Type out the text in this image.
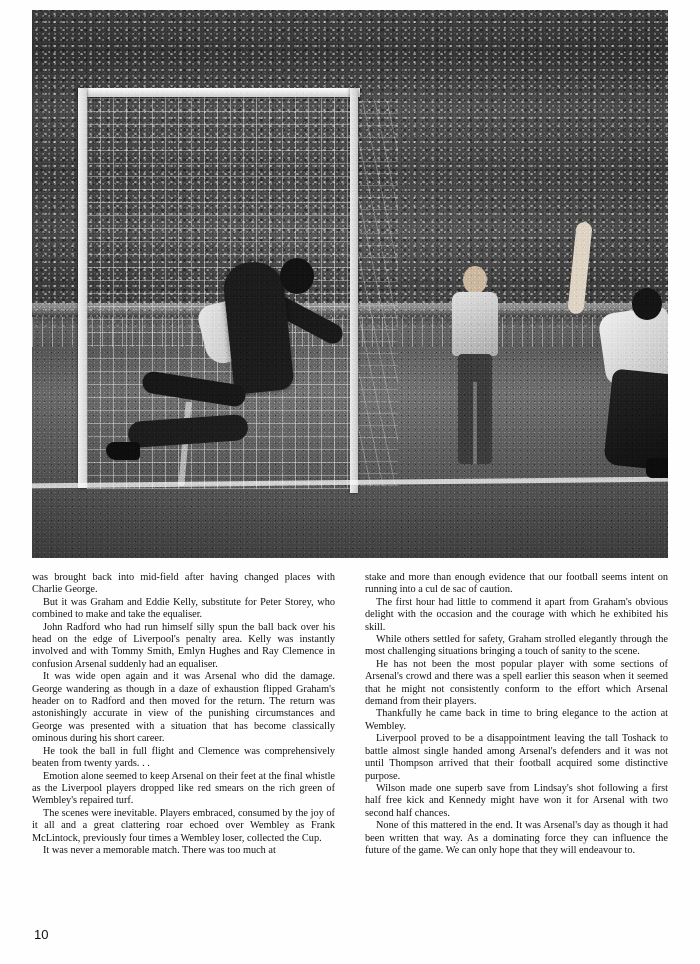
was brought back into mid-field after having changed places with Charlie George.

But it was Graham and Eddie Kelly, substitute for Peter Storey, who combined to make and take the equaliser.

John Radford who had run himself silly spun the ball back over his head on the edge of Liverpool's penalty area. Kelly was instantly involved and with Tommy Smith, Emlyn Hughes and Ray Clemence in confusion Arsenal suddenly had an equaliser.

It was wide open again and it was Arsenal who did the damage. George wandering as though in a daze of exhaustion flipped Graham's header on to Radford and then moved for the return. The return was astonishingly accurate in view of the punishing circumstances and George was presented with a situation that has become classically ominous during his short career.

He took the ball in full flight and Clemence was comprehensively beaten from twenty yards. . .

Emotion alone seemed to keep Arsenal on their feet at the final whistle as the Liverpool players dropped like red smears on the rich green of Wembley's repaired turf.

The scenes were inevitable. Players embraced, consumed by the joy of it all and a great clattering roar echoed over Wembley as Frank McLintock, previously four times a Wembley loser, collected the Cup.

It was never a memorable match. There was too much at

stake and more than enough evidence that our football seems intent on running into a cul de sac of caution.

The first hour had little to commend it apart from Graham's obvious delight with the occasion and the courage with which he exhibited his skill.

While others settled for safety, Graham strolled elegantly through the most challenging situations bringing a touch of sanity to the scene.

He has not been the most popular player with some sections of Arsenal's crowd and there was a spell earlier this season when it seemed that he might not consistently conform to the effort which Arsenal demand from their players.

Thankfully he came back in time to bring elegance to the action at Wembley.

Liverpool proved to be a disappointment leaving the tall Toshack to battle almost single handed among Arsenal's defenders and it was not until Thompson arrived that their football acquired some distinctive purpose.

Wilson made one superb save from Lindsay's shot following a first half free kick and Kennedy might have won it for Arsenal with two second half chances.

None of this mattered in the end. It was Arsenal's day as though it had been written that way. As a dominating force they can influence the future of the game. We can only hope that they will endeavour to.

10
